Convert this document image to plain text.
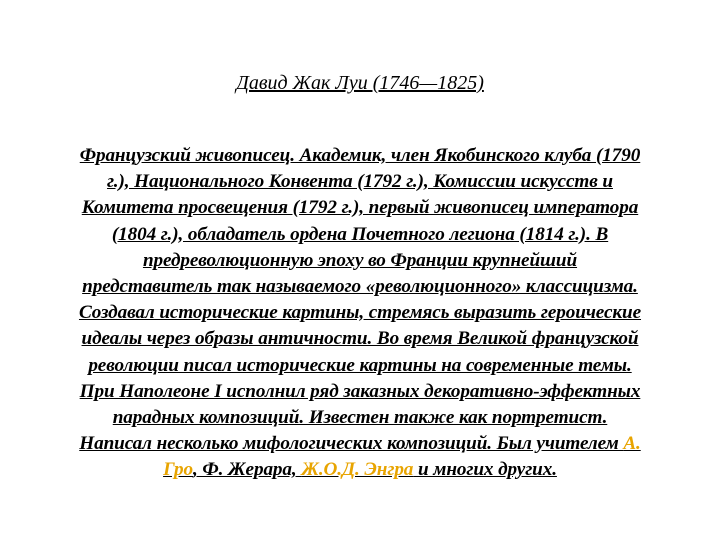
Давид Жак Луи (1746—1825)
Французский живописец. Академик, член Якобинского клуба (1790
г.), Национального Конвента (1792 г.), Комиссии искусств и
Комитета просвещения (1792 г.), первый живописец императора
(1804 г.), обладатель ордена Почетного легиона (1814 г.). В
предреволюционную эпоху во Франции крупнейший
представитель так называемого «революционного» классицизма.
Создавал исторические картины, стремясь выразить героические
идеалы через образы античности. Во время Великой французской
революции писал исторические картины на современные темы.
При Наполеоне I исполнил ряд заказных декоративно-эффектных
парадных композиций. Известен также как портретист.
Написал несколько мифологических композиций. Был учителем А.
Гро, Ф. Жерара, Ж.О.Д. Энгра и многих других.
